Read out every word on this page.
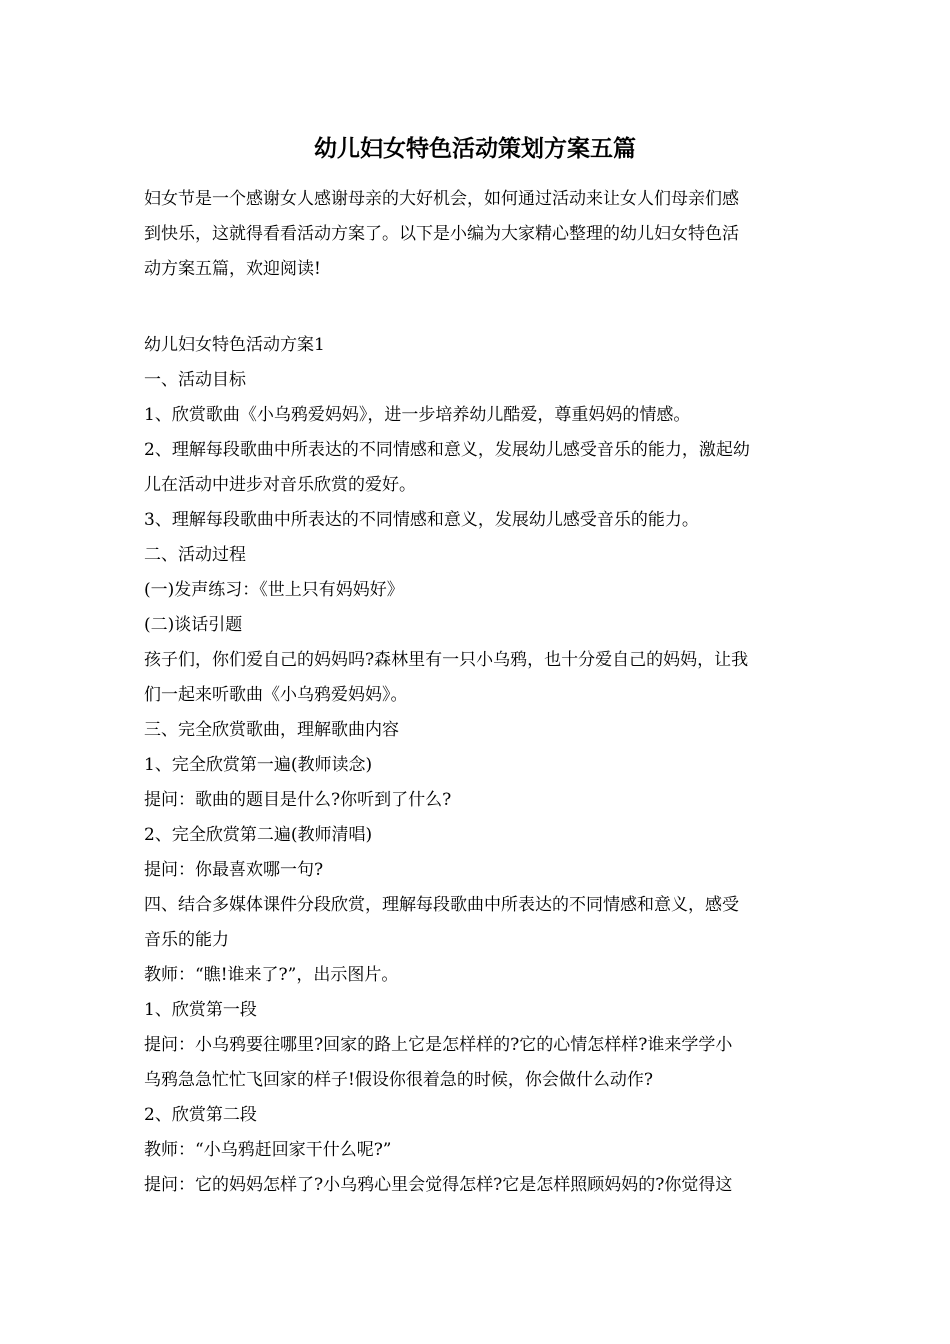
幼儿妇女特色活动策划方案五篇
妇女节是一个感谢女人感谢母亲的大好机会，如何通过活动来让女人们母亲们感
到快乐，这就得看看活动方案了。以下是小编为大家精心整理的幼儿妇女特色活
动方案五篇，欢迎阅读!
幼儿妇女特色活动方案1
一、活动目标
1、欣赏歌曲《小乌鸦爱妈妈》，进一步培养幼儿酷爱，尊重妈妈的情感。
2、理解每段歌曲中所表达的不同情感和意义，发展幼儿感受音乐的能力，激起幼
儿在活动中进步对音乐欣赏的爱好。
3、理解每段歌曲中所表达的不同情感和意义，发展幼儿感受音乐的能力。
二、活动过程
(一)发声练习：《世上只有妈妈好》
(二)谈话引题
孩子们，你们爱自己的妈妈吗?森林里有一只小乌鸦，也十分爱自己的妈妈，让我
们一起来听歌曲《小乌鸦爱妈妈》。
三、完全欣赏歌曲，理解歌曲内容
1、完全欣赏第一遍(教师读念)
提问：歌曲的题目是什么?你听到了什么?
2、完全欣赏第二遍(教师清唱)
提问：你最喜欢哪一句?
四、结合多媒体课件分段欣赏，理解每段歌曲中所表达的不同情感和意义，感受
音乐的能力
教师：“瞧!谁来了?”，出示图片。
1、欣赏第一段
提问：小乌鸦要往哪里?回家的路上它是怎样样的?它的心情怎样样?谁来学学小
乌鸦急急忙忙飞回家的样子!假设你很着急的时候，你会做什么动作?
2、欣赏第二段
教师：“小乌鸦赶回家干什么呢?”
提问：它的妈妈怎样了?小乌鸦心里会觉得怎样?它是怎样照顾妈妈的?你觉得这
